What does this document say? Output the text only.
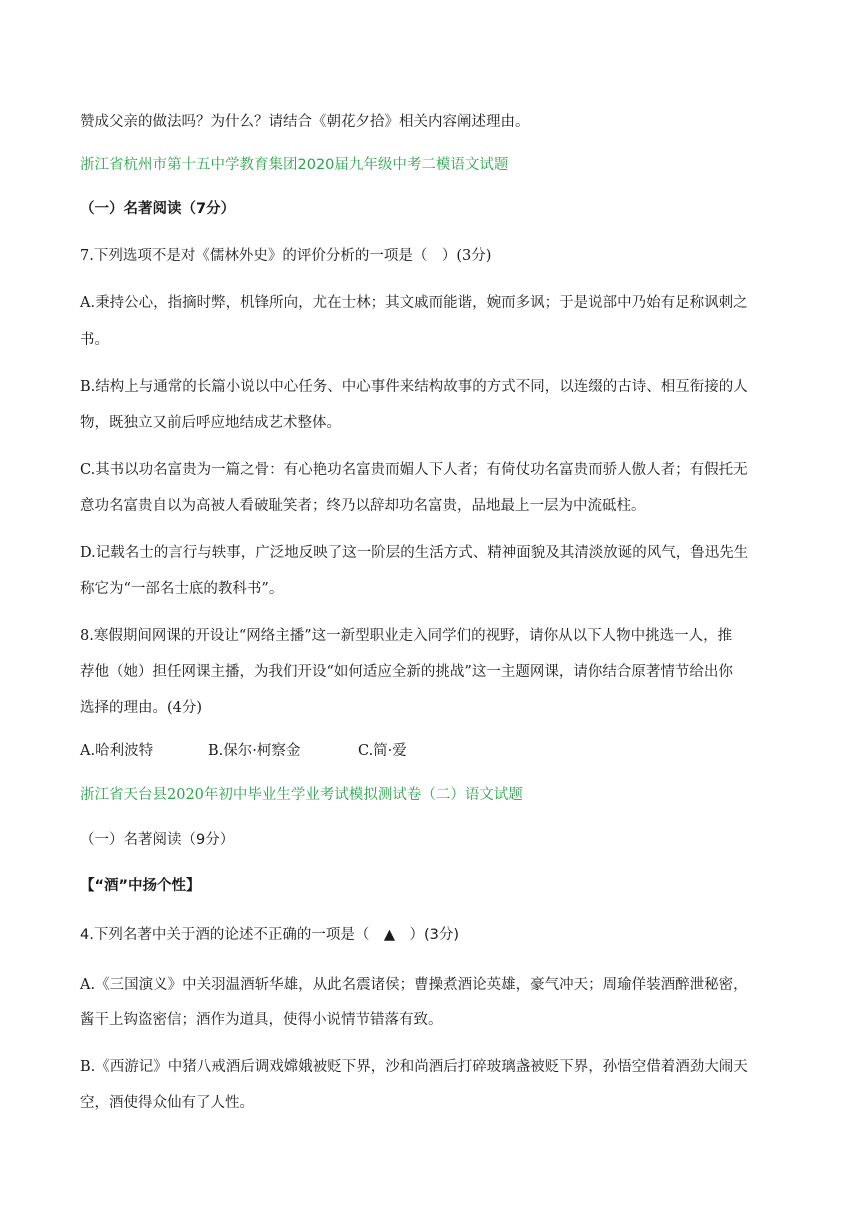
赞成父亲的做法吗？为什么？请结合《朝花夕拾》相关内容阐述理由。
浙江省杭州市第十五中学教育集团2020届九年级中考二模语文试题
（一）名著阅读（7分）
7.下列选项不是对《儒林外史》的评价分析的一项是（　）(3分)
A.秉持公心，指摘时弊，机锋所向，尤在士林；其文戚而能谐，婉而多讽；于是说部中乃始有足称讽刺之
书。
B.结构上与通常的长篇小说以中心任务、中心事件来结构故事的方式不同，以连缀的古诗、相互衔接的人
物，既独立又前后呼应地结成艺术整体。
C.其书以功名富贵为一篇之骨：有心艳功名富贵而媚人下人者；有倚仗功名富贵而骄人傲人者；有假托无
意功名富贵自以为高被人看破耻笑者；终乃以辞却功名富贵，品地最上一层为中流砥柱。
D.记载名士的言行与轶事，广泛地反映了这一阶层的生活方式、精神面貌及其清淡放诞的风气，鲁迅先生
称它为“一部名士底的教科书”。
8.寒假期间网课的开设让“网络主播”这一新型职业走入同学们的视野，请你从以下人物中挑选一人，推
荐他（她）担任网课主播，为我们开设“如何适应全新的挑战”这一主题网课，请你结合原著情节给出你
选择的理由。(4分)
A.哈利波特	B.保尔·柯察金	C.简·爱
浙江省天台县2020年初中毕业生学业考试模拟测试卷（二）语文试题
（一）名著阅读（9分）
【“酒”中扬个性】
4.下列名著中关于酒的论述不正确的一项是（　▲　）(3分)
A.《三国演义》中关羽温酒斩华雄，从此名震诸侯；曹操煮酒论英雄，豪气冲天；周瑜佯装酒醉泄秘密，
酱干上钩盗密信；酒作为道具，使得小说情节错落有致。
B.《西游记》中猪八戒酒后调戏嫦娥被贬下界，沙和尚酒后打碎玻璃盏被贬下界，孙悟空借着酒劲大闹天
空，酒使得众仙有了人性。
